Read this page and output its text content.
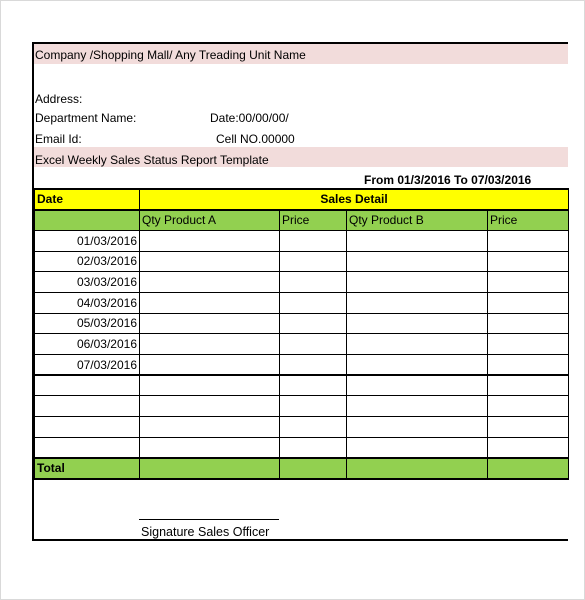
Company /Shopping Mall/ Any Treading Unit Name
Address:
Department Name:	Date:00/00/00/
Email Id:	Cell NO.00000
Excel Weekly Sales Status Report Template
From 01/3/2016 To 07/03/2016
Date	Sales Detail			
	Qty Product A	Price	Qty Product B	Price
01/03/2016				
02/03/2016				
03/03/2016				
04/03/2016				
05/03/2016				
06/03/2016				
07/03/2016				

Total				
Signature Sales Officer
